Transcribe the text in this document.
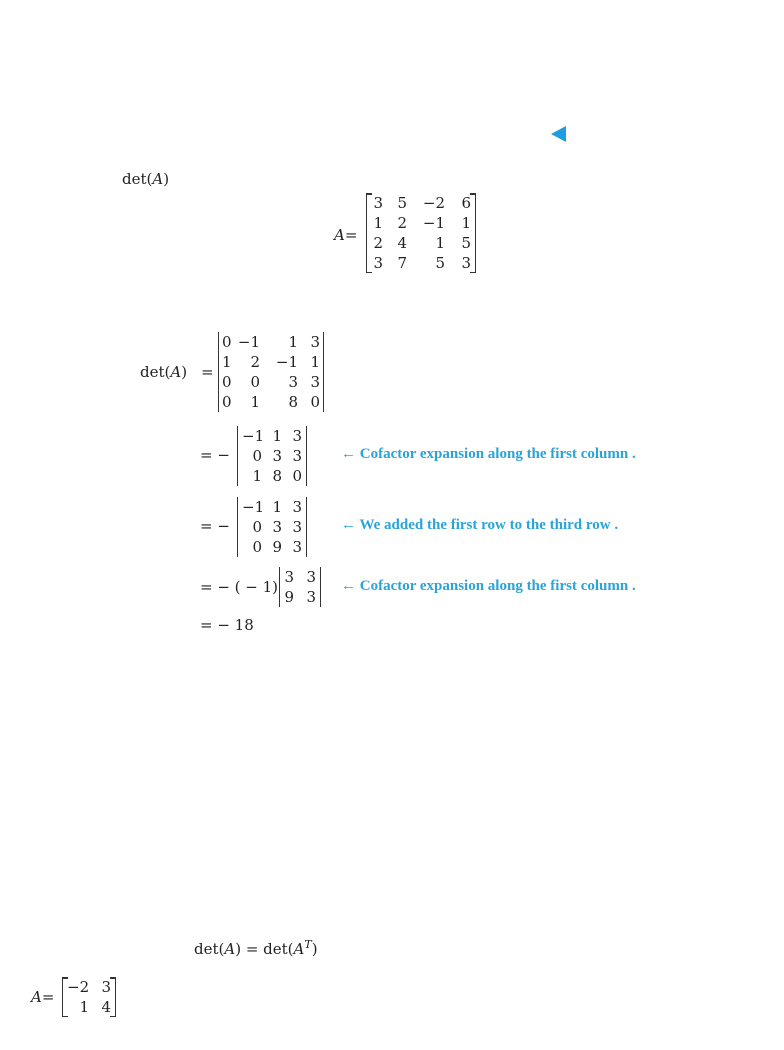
det(A)
A=
3 5	−2	6
1 2	−1	1
2 4	1	5
3 7	5	3
det(A) =
0 −1	1 3
1	2	−1 1
0	0	3 3
0	1	8 0
= −
−1 1 3
0 3 3
1 8 0
← Cofactor expansion along the first column .
= −
−1 1 3
0 3 3
0 9 3
← We added the first row to the third row .
= − ( − 1)
3 3
9 3
← Cofactor expansion along the first column .
= − 18
$\det(A) = \det(A^T)$
A=
−2 3
1 4
